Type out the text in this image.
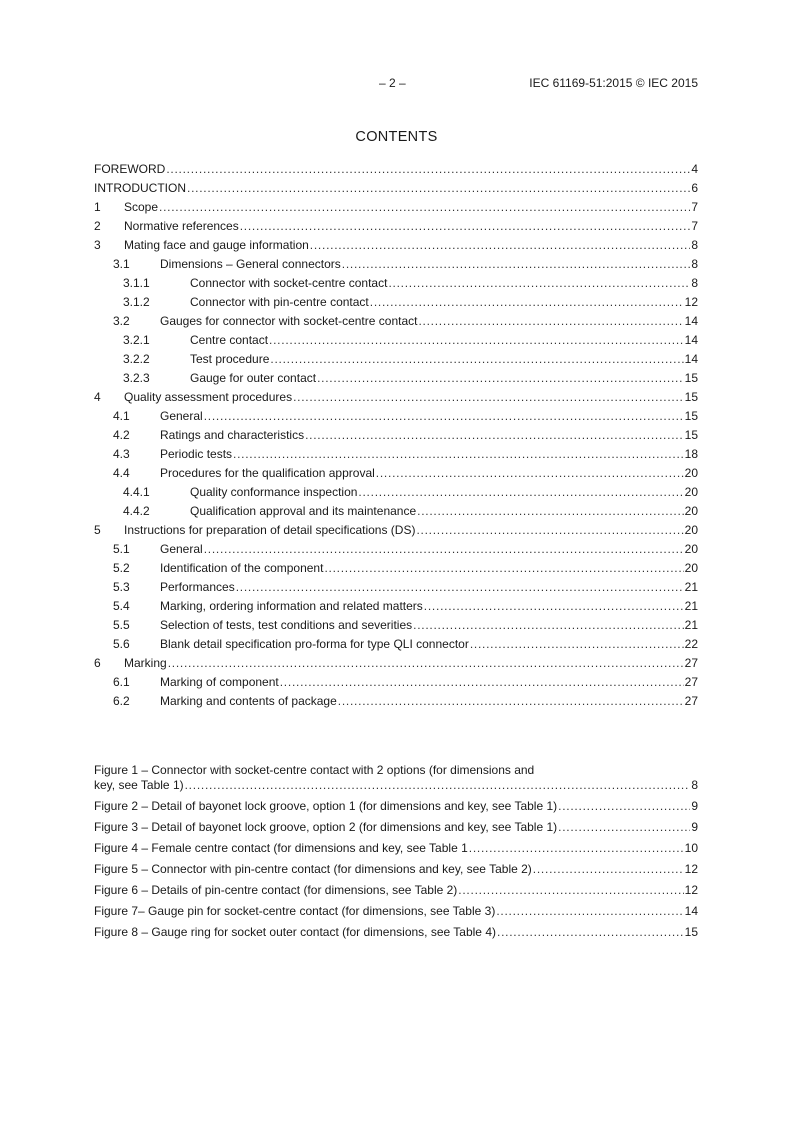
– 2 –	IEC 61169-51:2015 © IEC 2015
CONTENTS
FOREWORD . . .	4
INTRODUCTION . . .	6
1	Scope . . .	7
2	Normative references . . .	7
3	Mating face and gauge information . . .	8
3.1	Dimensions – General connectors . . .	8
3.1.1	Connector with socket-centre contact . . .	8
3.1.2	Connector with pin-centre contact . . .	12
3.2	Gauges for connector with socket-centre contact . . .	14
3.2.1	Centre contact . . .	14
3.2.2	Test procedure . . .	14
3.2.3	Gauge for outer contact . . .	15
4	Quality assessment procedures . . .	15
4.1	General . . .	15
4.2	Ratings and characteristics . . .	15
4.3	Periodic tests . . .	18
4.4	Procedures for the qualification approval . . .	20
4.4.1	Quality conformance inspection . . .	20
4.4.2	Qualification approval and its maintenance . . .	20
5	Instructions for preparation of detail specifications (DS) . . .	20
5.1	General . . .	20
5.2	Identification of the component . . .	20
5.3	Performances . . .	21
5.4	Marking, ordering information and related matters . . .	21
5.5	Selection of tests, test conditions and severities . . .	21
5.6	Blank detail specification pro-forma for type QLI connector . . .	22
6	Marking . . .	27
6.1	Marking of component . . .	27
6.2	Marking and contents of package . . .	27
Figure 1 – Connector with socket-centre contact with 2 options (for dimensions and
key, see Table 1) . . .	8
Figure 2 – Detail of bayonet lock groove, option 1 (for dimensions and key, see Table 1) . . .	9
Figure 3 – Detail of bayonet lock groove, option 2 (for dimensions and key, see Table 1) . . .	9
Figure 4 – Female centre contact (for dimensions and key, see Table 1 . . .	10
Figure 5 – Connector with pin-centre contact (for dimensions and key, see Table 2) . . .	12
Figure 6 – Details of pin-centre contact (for dimensions, see Table 2) . . .	12
Figure 7– Gauge pin for socket-centre contact (for dimensions, see Table 3) . . .	14
Figure 8 – Gauge ring for socket outer contact (for dimensions, see Table 4) . . .	15
